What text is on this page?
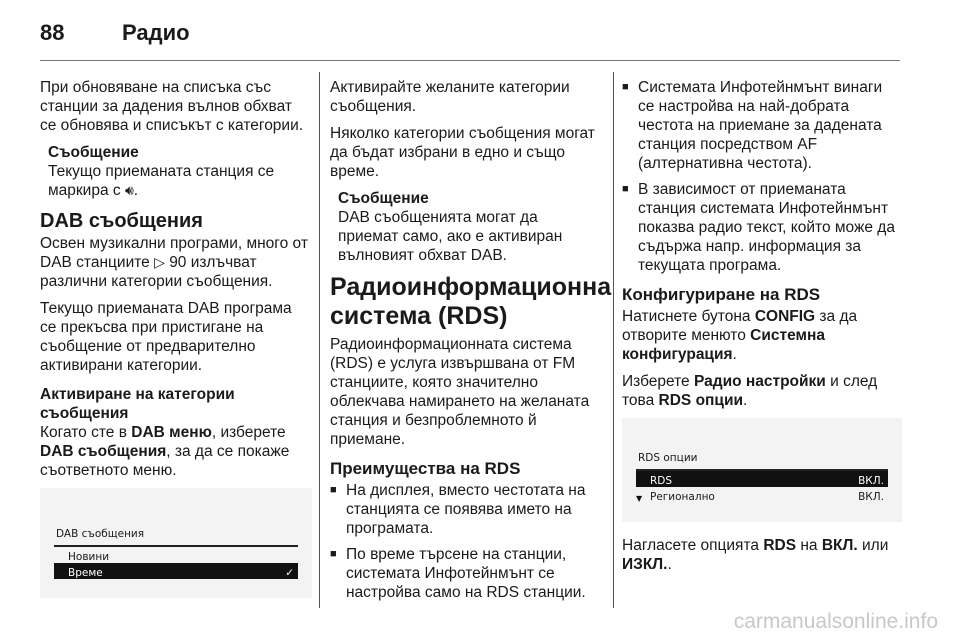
88	Радио

При обновяване на списъка със станции за дадения вълнов обхват се обновява и списъкът с категории.

Съобщение

Текущо приеманата станция се маркира с 🔊︎.

DAB съобщения

Освен музикални програми, много от DAB станциите ▷ 90 излъчват различни категории съобщения.

Текущо приеманата DAB програма се прекъсва при пристигане на съобщение от предварително активирани категории.

Активиране на категории съобщения

Когато сте в DAB меню, изберете DAB съобщения, за да се покаже съответното меню.

DAB съобщения
Новини
▼ Време	✓

Активирайте желаните категории съобщения.

Няколко категории съобщения могат да бъдат избрани в едно и също време.

Съобщение

DAB съобщенията могат да приемат само, ако е активиран вълновият обхват DAB.

Радиоинформационна система (RDS)

Радиоинформационната система (RDS) е услуга извършвана от FM станциите, която значително облекчава намирането на желаната станция и безпроблемното й приемане.

Преимущества на RDS
■ На дисплея, вместо честотата на станцията се появява името на програмата.
■ По време търсене на станции, системата Инфотейнмънт се настройва само на RDS станции.
■ Системата Инфотейнмънт винаги се настройва на най-добрата честота на приемане за дадената станция посредством AF (алтернативна честота).
■ В зависимост от приеманата станция системата Инфотейнмънт показва радио текст, който може да съдържа напр. информация за текущата програма.
Конфигуриране на RDS

Натиснете бутона CONFIG за да отворите менюто Системна конфигурация.

Изберете Радио настройки и след това RDS опции.

RDS опции
RDS	ВКЛ.
▼ Регионално	ВКЛ.

Нагласете опцията RDS на ВКЛ. или ИЗКЛ..

carmanualsonline.info
